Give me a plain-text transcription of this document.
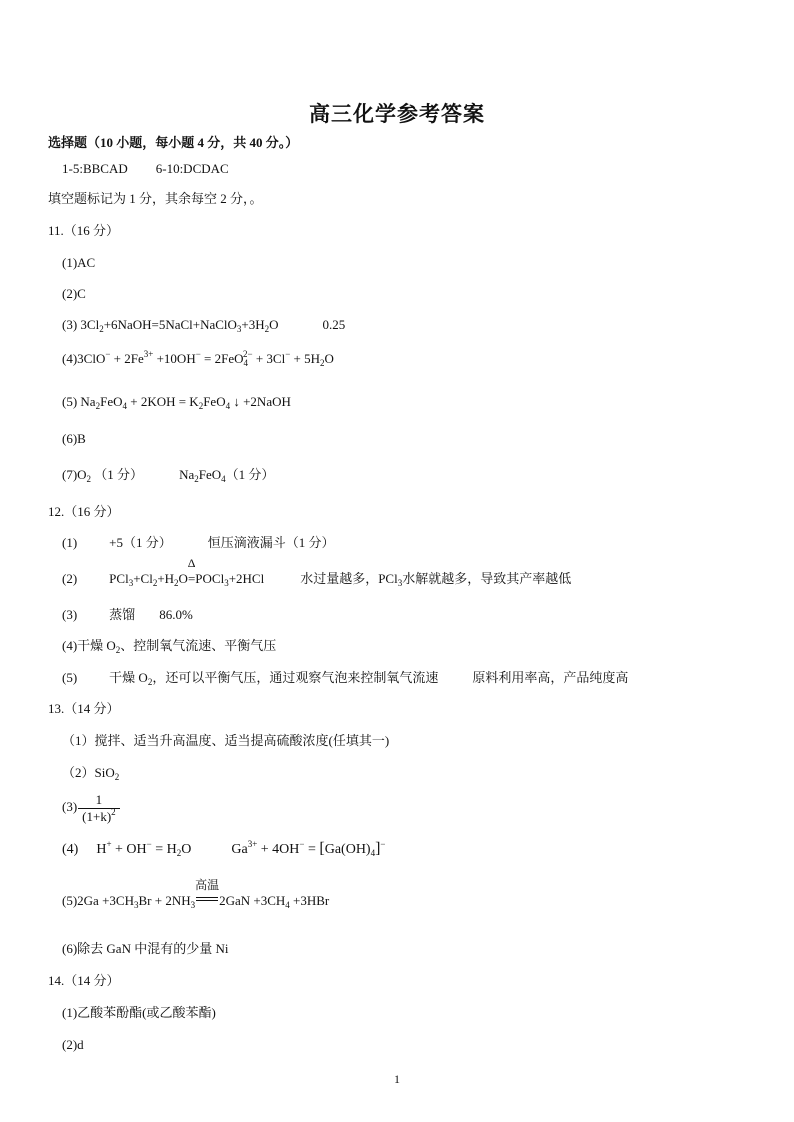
高三化学参考答案
选择题（10 小题，每小题 4 分，共 40 分。）
1-5:BBCAD 6-10:DCDAC
填空题标记为 1 分，其余每空 2 分，。
11.（16 分）
(1)AC
(2)C
(3) $3Cl_2+6NaOH=5NaCl+NaClO_3+3H_2O$	0.25
$(4)3ClO^- + 2Fe^{3+} +10OH^- = 2FeO_4^{2-} + 3Cl^- + 5H_2O$
(5) $Na_2FeO_4 + 2KOH = K_2FeO_4$ ↓ +2NaOH
(6)B
$(7)O_2$ （1 分）	$Na_2FeO_4(1$ 分）
12.（16 分）
(1) +5（1 分）	恒压滴液漏斗（1 分）
(2) $PCl_3+Cl_2+H_2O=$
Δ
POCl$_3$+2HCl	水过量越多，PCl$_3$水解就越多，导致其产率越低
(3) 蒸馏 86.0%
(4)干燥 $O_2$、控制氧气流速、平衡气压
(5) 干燥 $O_2$，还可以平衡气压，通过观察气泡来控制氧气流速	原料利用率高，产品纯度高
13.（14 分）
（1）搅拌、适当升高温度、适当提高硫酸浓度(任填其一)
（2）SiO$_2$
$(3) \frac{1}{(1+k)^2}$
(4) $H^+ + OH^- = H_2O$	$Ga^{3+} + 4OH^- = [Ga(OH)_4]^-$
$(5)2Ga +3CH_3Br + 2NH_3$
高温
$2GaN +3CH_4 +3HBr$
(6)除去 GaN 中混有的少量 Ni
14.（14 分）
(1)乙酸苯酚酯(或乙酸苯酯)
(2)d
1
